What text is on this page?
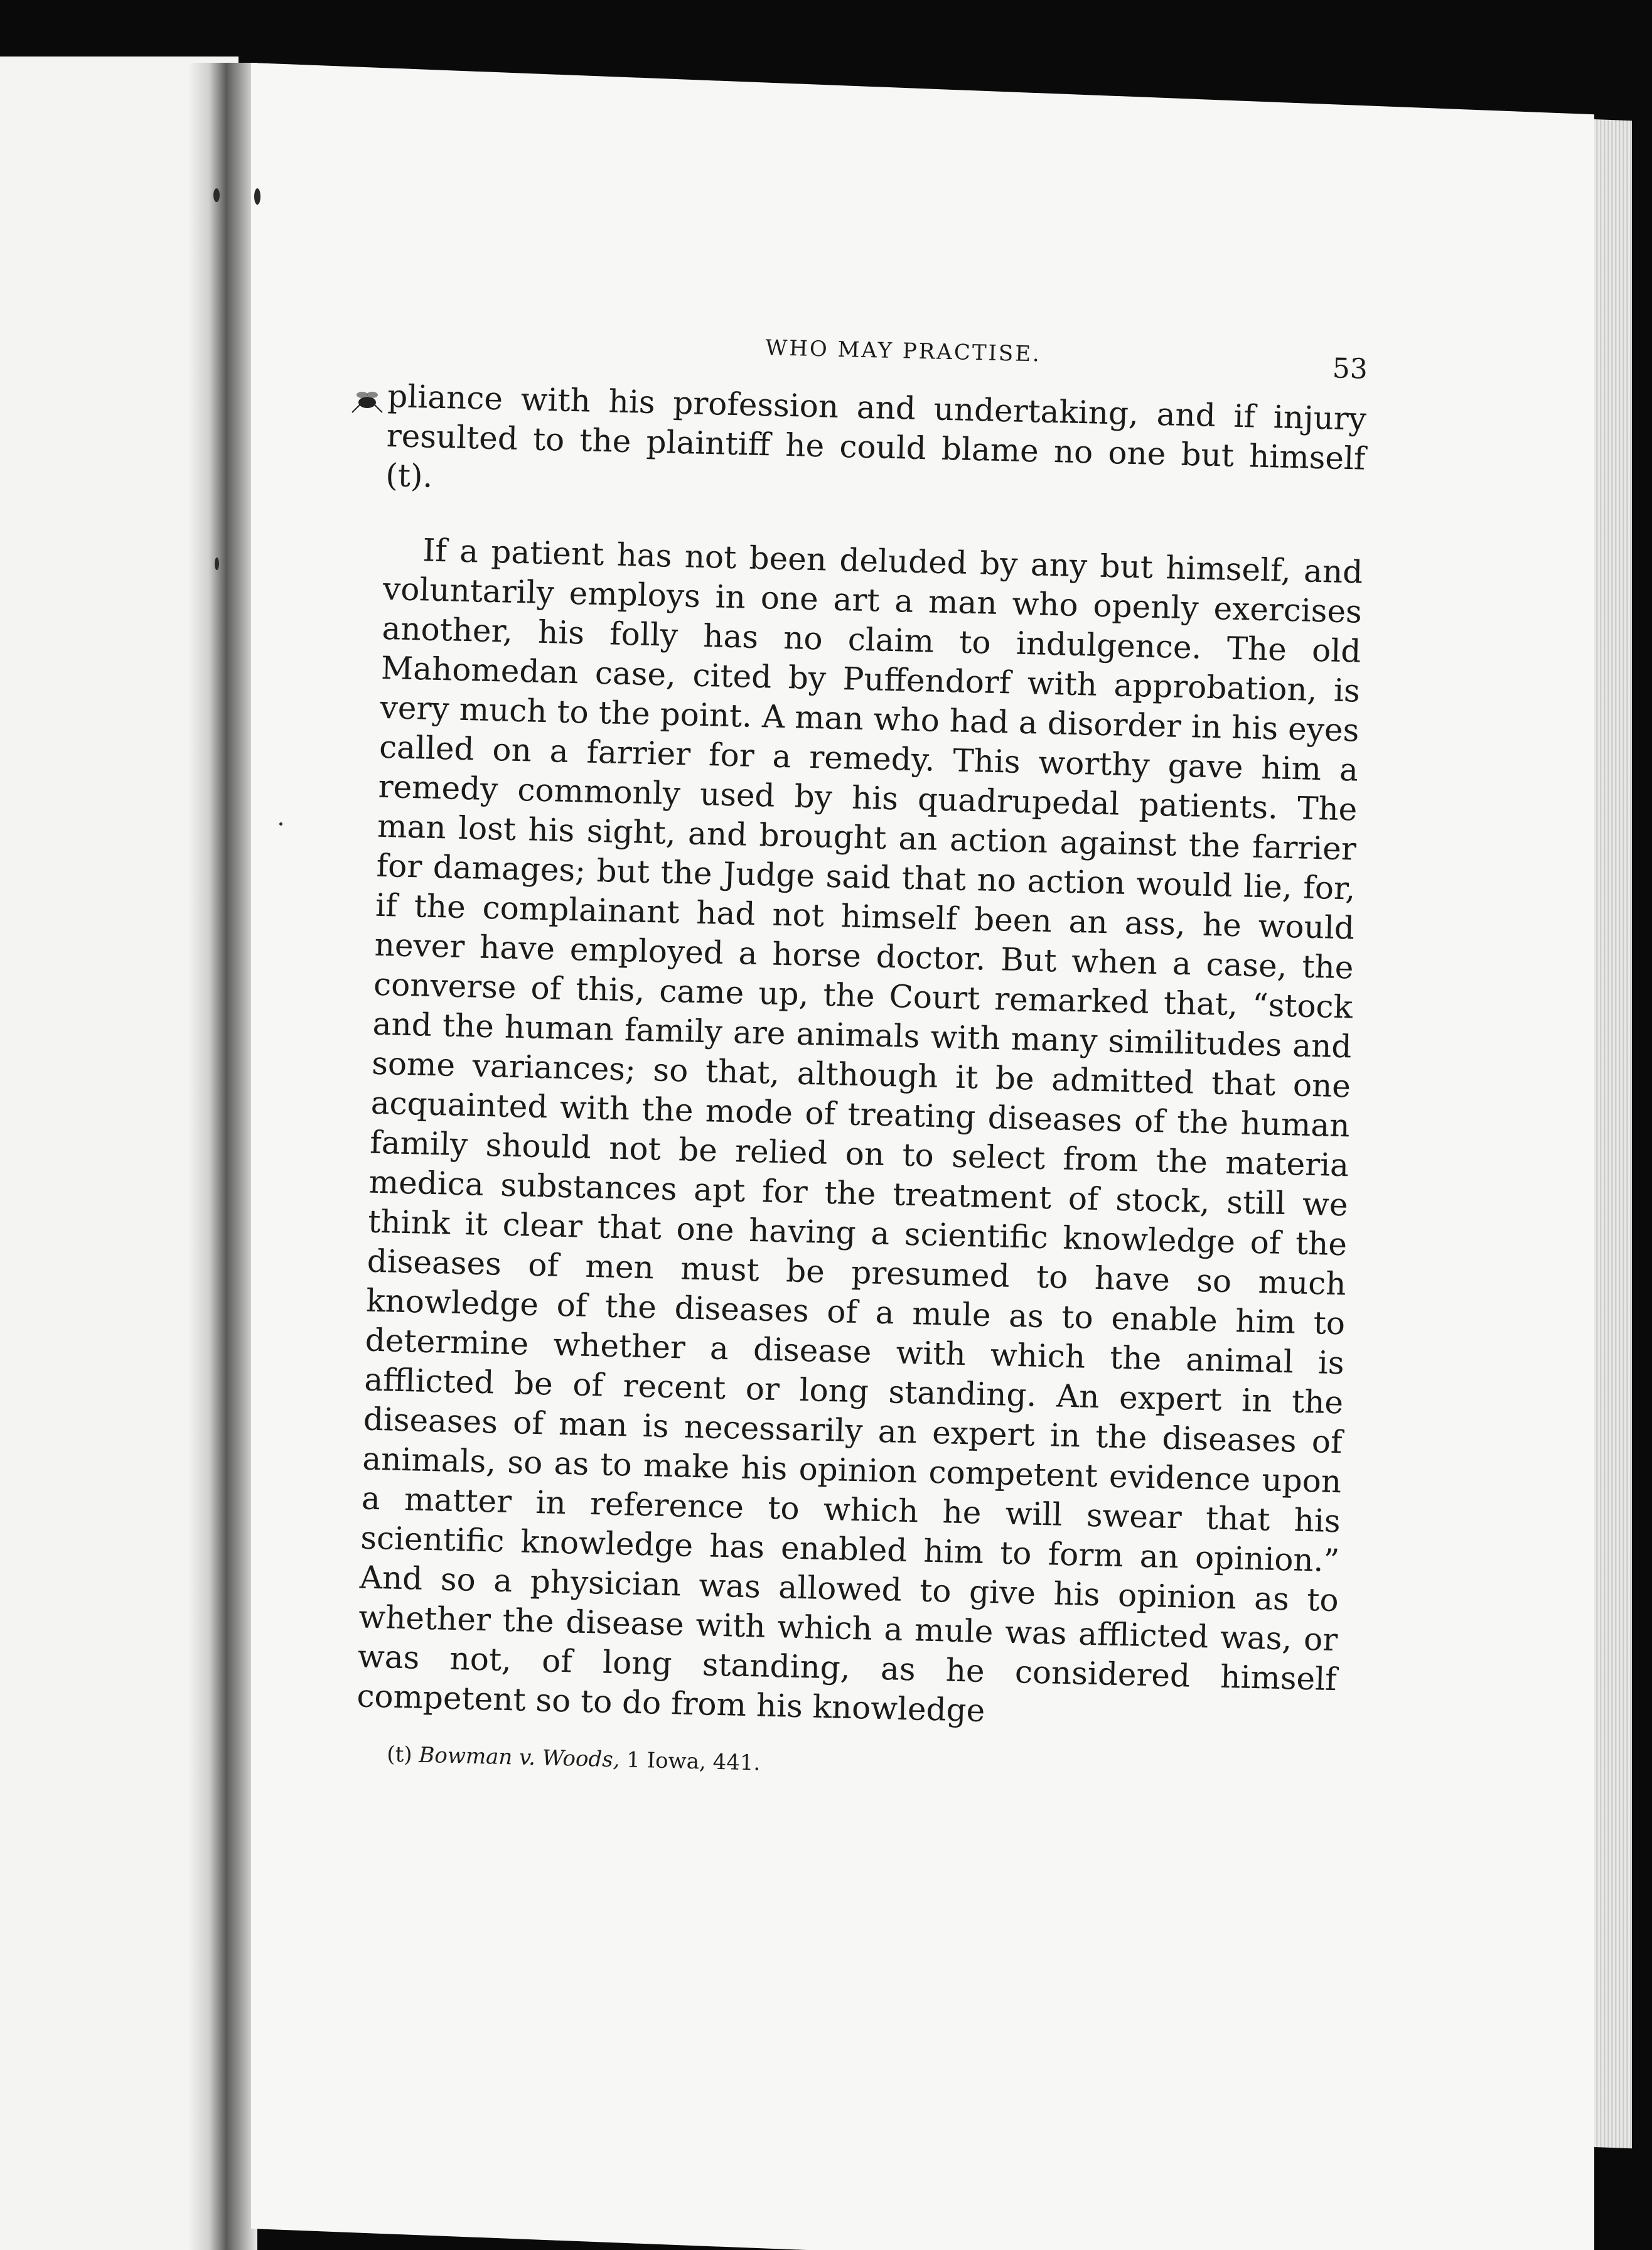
WHO MAY PRACTISE.
53

pliance with his profession and undertaking, and if injury resulted to the plaintiff he could blame no one but himself (t).

If a patient has not been deluded by any but himself, and voluntarily employs in one art a man who openly exercises another, his folly has no claim to indulgence. The old Mahomedan case, cited by Puffendorf with approbation, is very much to the point. A man who had a disorder in his eyes called on a farrier for a remedy. This worthy gave him a remedy commonly used by his quadrupedal patients. The man lost his sight, and brought an action against the farrier for damages; but the Judge said that no action would lie, for, if the complainant had not himself been an ass, he would never have employed a horse doctor. But when a case, the converse of this, came up, the Court remarked that, “stock and the human family are animals with many similitudes and some variances; so that, although it be admitted that one acquainted with the mode of treating diseases of the human family should not be relied on to select from the materia medica substances apt for the treatment of stock, still we think it clear that one having a scientific knowledge of the diseases of men must be presumed to have so much knowledge of the diseases of a mule as to enable him to determine whether a disease with which the animal is afflicted be of recent or long standing. An expert in the diseases of man is necessarily an expert in the diseases of animals, so as to make his opinion competent evidence upon a matter in reference to which he will swear that his scientific knowledge has enabled him to form an opinion.” And so a physician was allowed to give his opinion as to whether the disease with which a mule was afflicted was, or was not, of long standing, as he considered himself competent so to do from his knowledge

(t) Bowman v. Woods, 1 Iowa, 441.
